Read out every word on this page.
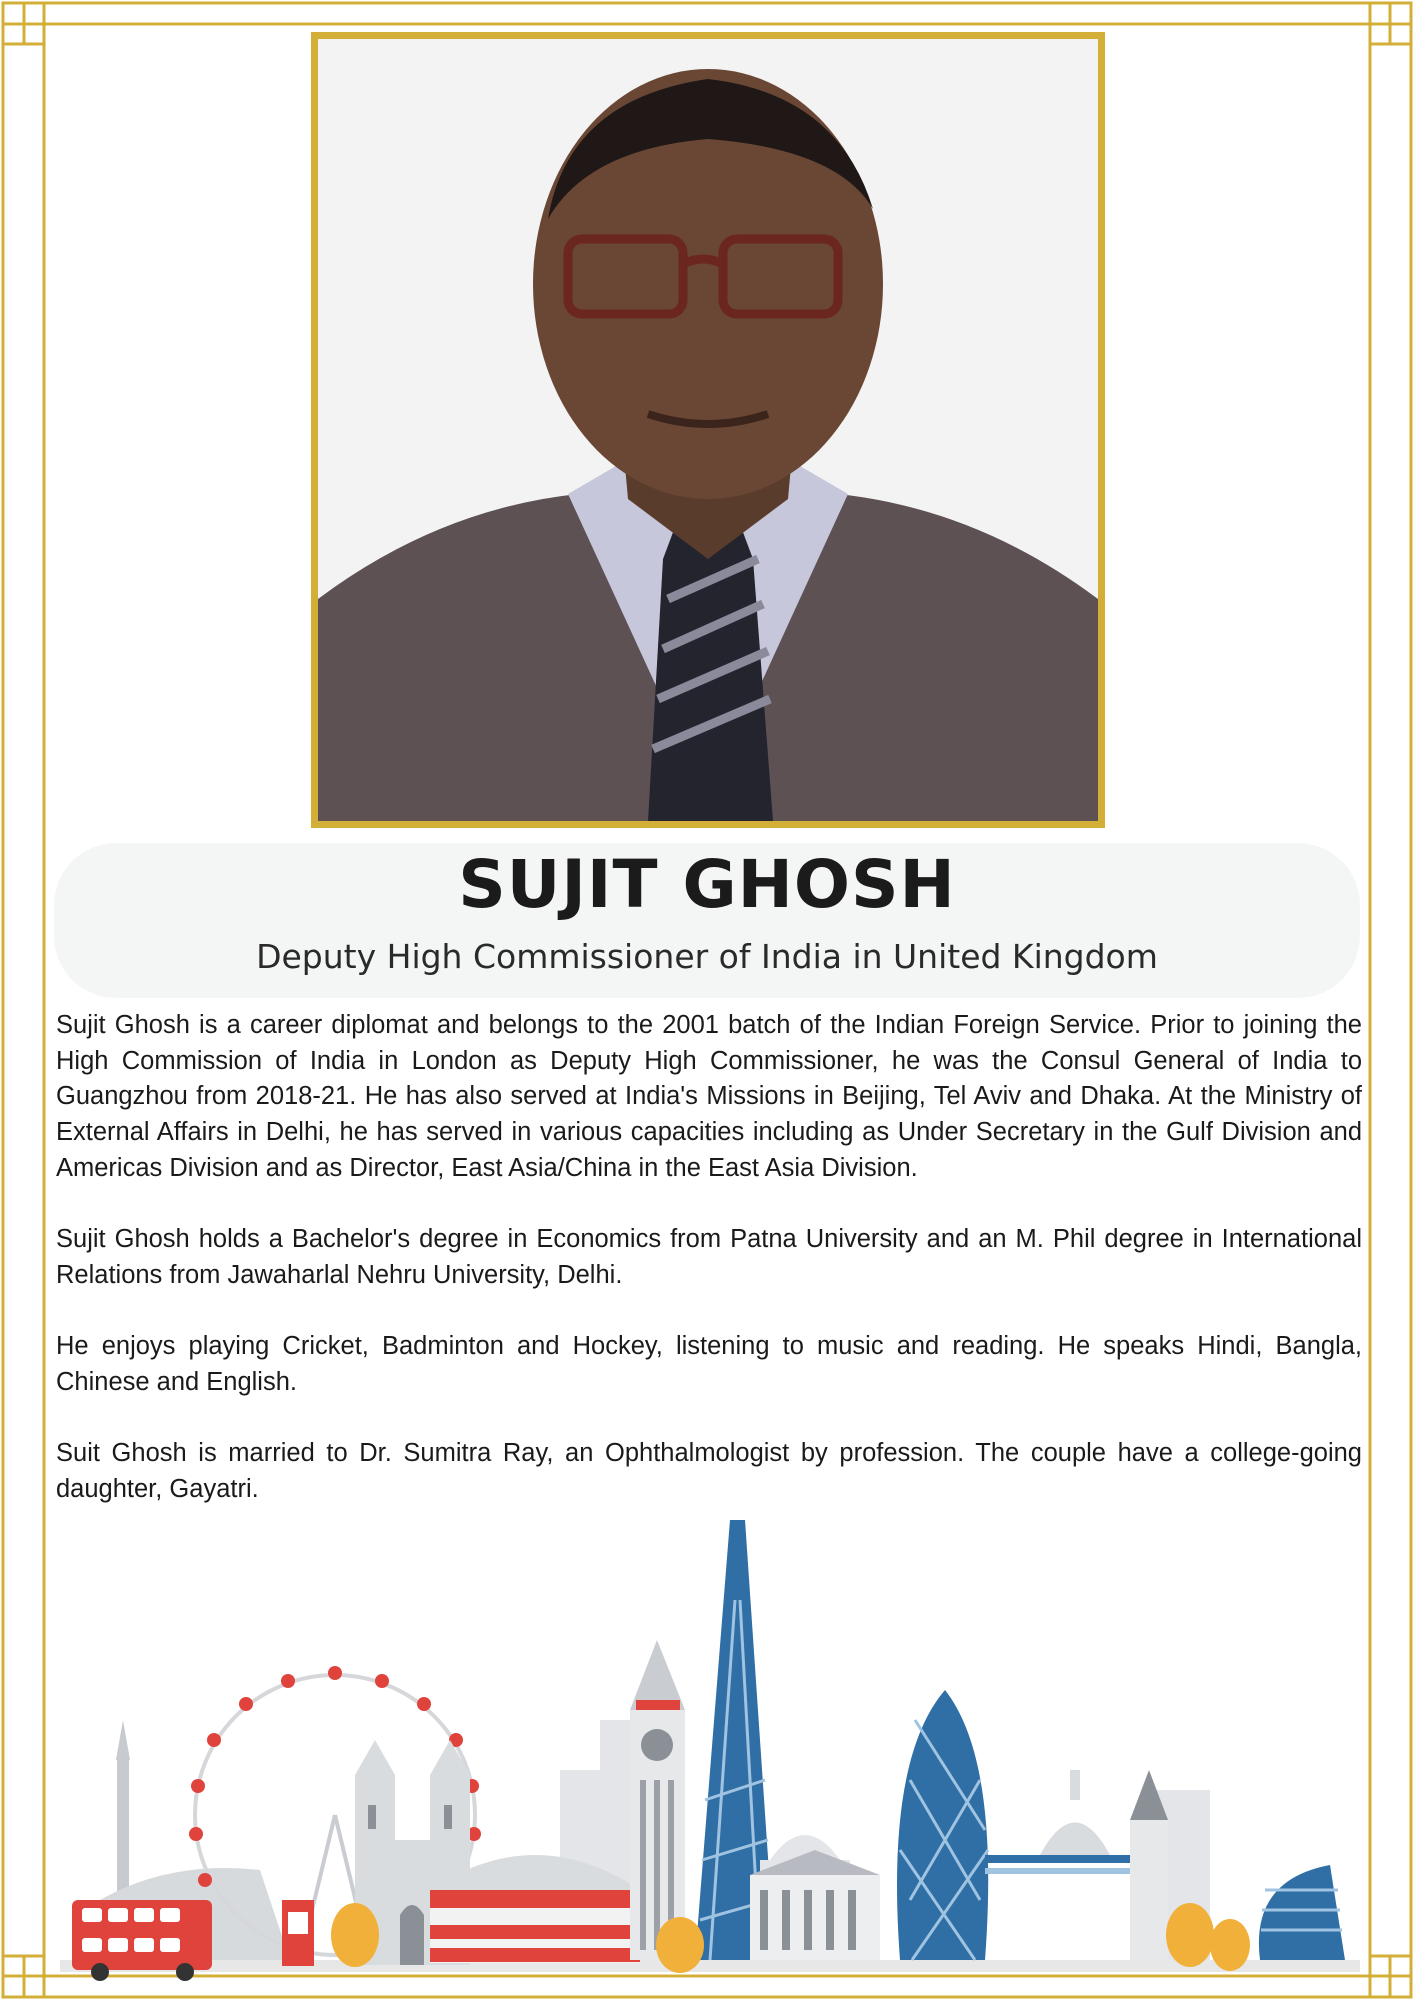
SUJIT GHOSH
Deputy High Commissioner of India in United Kingdom

Sujit Ghosh is a career diplomat and belongs to the 2001 batch of the Indian Foreign Service. Prior to joining the High Commission of India in London as Deputy High Commissioner, he was the Consul General of India to Guangzhou from 2018-21. He has also served at India's Missions in Beijing, Tel Aviv and Dhaka. At the Ministry of External Affairs in Delhi, he has served in various capacities including as Under Secretary in the Gulf Division and Americas Division and as Director, East Asia/China in the East Asia Division.

Sujit Ghosh holds a Bachelor's degree in Economics from Patna University and an M. Phil degree in International Relations from Jawaharlal Nehru University, Delhi.

He enjoys playing Cricket, Badminton and Hockey, listening to music and reading. He speaks Hindi, Bangla, Chinese and English.

Suit Ghosh is married to Dr. Sumitra Ray, an Ophthalmologist by profession. The couple have a college-going daughter, Gayatri.
